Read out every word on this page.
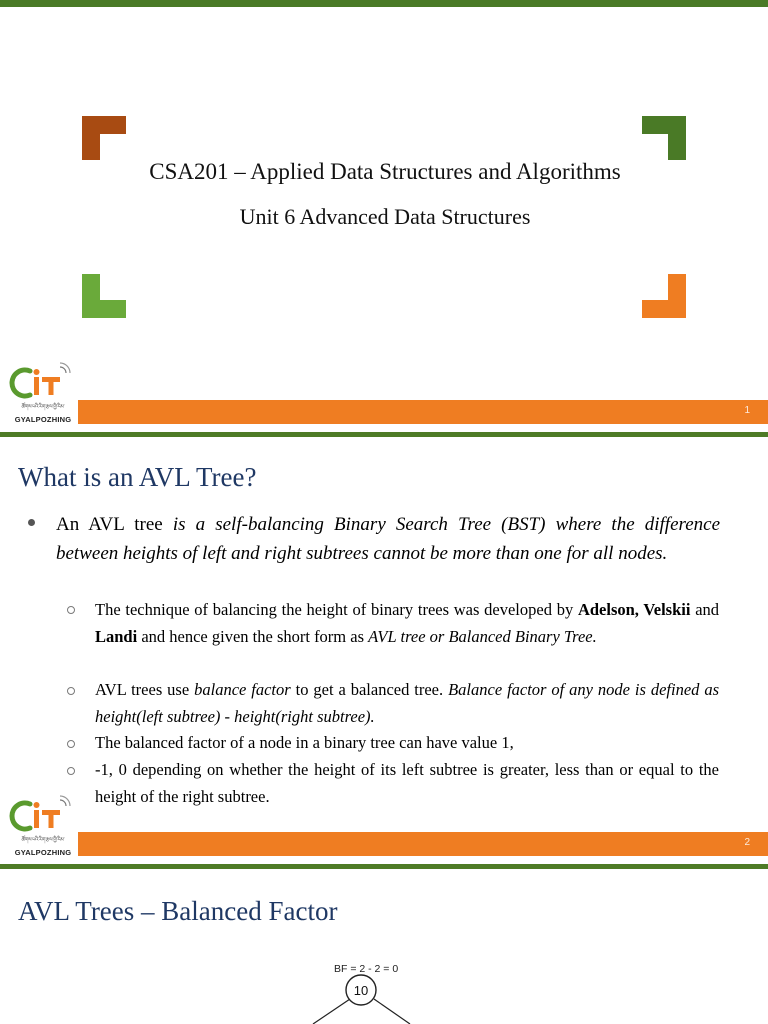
CSA201 – Applied Data Structures and Algorithms
Unit 6 Advanced Data Structures
ཚོགས་པའི་རིག་རྩལ་གྱི་རིམ་
GYALPOZHING
1
What is an AVL Tree?
An AVL tree is a self-balancing Binary Search Tree (BST) where the difference between heights of left and right subtrees cannot be more than one for all nodes.
The technique of balancing the height of binary trees was developed by Adelson, Velskii and Landi and hence given the short form as AVL tree or Balanced Binary Tree.
AVL trees use balance factor to get a balanced tree. Balance factor of any node is defined as height(left subtree) - height(right subtree).
The balanced factor of a node in a binary tree can have value 1,
-1, 0 depending on whether the height of its left subtree is greater, less than or equal to the height of the right subtree.
ཚོགས་པའི་རིག་རྩལ་གྱི་རིམ་
GYALPOZHING
2
AVL Trees – Balanced Factor
BF = 2 - 2 = 0
10
